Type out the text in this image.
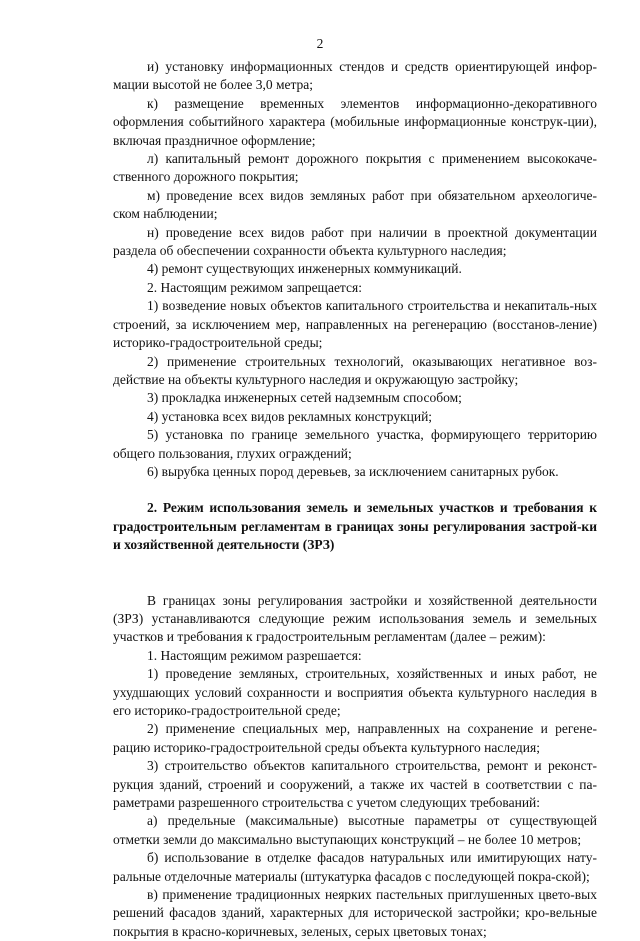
2

и) установку информационных стендов и средств ориентирующей инфор-мации высотой не более 3,0 метра;

к) размещение временных элементов информационно-декоративного оформления событийного характера (мобильные информационные конструк-ции), включая праздничное оформление;

л) капитальный ремонт дорожного покрытия с применением высококаче-ственного дорожного покрытия;

м) проведение всех видов земляных работ при обязательном археологиче-ском наблюдении;

н) проведение всех видов работ при наличии в проектной документации раздела об обеспечении сохранности объекта культурного наследия;

4) ремонт существующих инженерных коммуникаций.

2. Настоящим режимом запрещается:

1) возведение новых объектов капитального строительства и некапиталь-ных строений, за исключением мер, направленных на регенерацию (восстанов-ление) историко-градостроительной среды;

2) применение строительных технологий, оказывающих негативное воз-действие на объекты культурного наследия и окружающую застройку;

3) прокладка инженерных сетей надземным способом;

4) установка всех видов рекламных конструкций;

5) установка по границе земельного участка, формирующего территорию общего пользования, глухих ограждений;

6) вырубка ценных пород деревьев, за исключением санитарных рубок.

2. Режим использования земель и земельных участков и требования к градостроительным регламентам в границах зоны регулирования застрой-ки и хозяйственной деятельности (ЗРЗ)

В границах зоны регулирования застройки и хозяйственной деятельности (ЗРЗ) устанавливаются следующие режим использования земель и земельных участков и требования к градостроительным регламентам (далее – режим):

1. Настоящим режимом разрешается:

1) проведение земляных, строительных, хозяйственных и иных работ, не ухудшающих условий сохранности и восприятия объекта культурного наследия в его историко-градостроительной среде;

2) применение специальных мер, направленных на сохранение и регене-рацию историко-градостроительной среды объекта культурного наследия;

3) строительство объектов капитального строительства, ремонт и реконст-рукция зданий, строений и сооружений, а также их частей в соответствии с па-раметрами разрешенного строительства с учетом следующих требований:

а) предельные (максимальные) высотные параметры от существующей отметки земли до максимально выступающих конструкций – не более 10 метров;

б) использование в отделке фасадов натуральных или имитирующих нату-ральные отделочные материалы (штукатурка фасадов с последующей покра-ской);

в) применение традиционных неярких пастельных приглушенных цвето-вых решений фасадов зданий, характерных для исторической застройки; кро-вельные покрытия в красно-коричневых, зеленых, серых цветовых тонах;
